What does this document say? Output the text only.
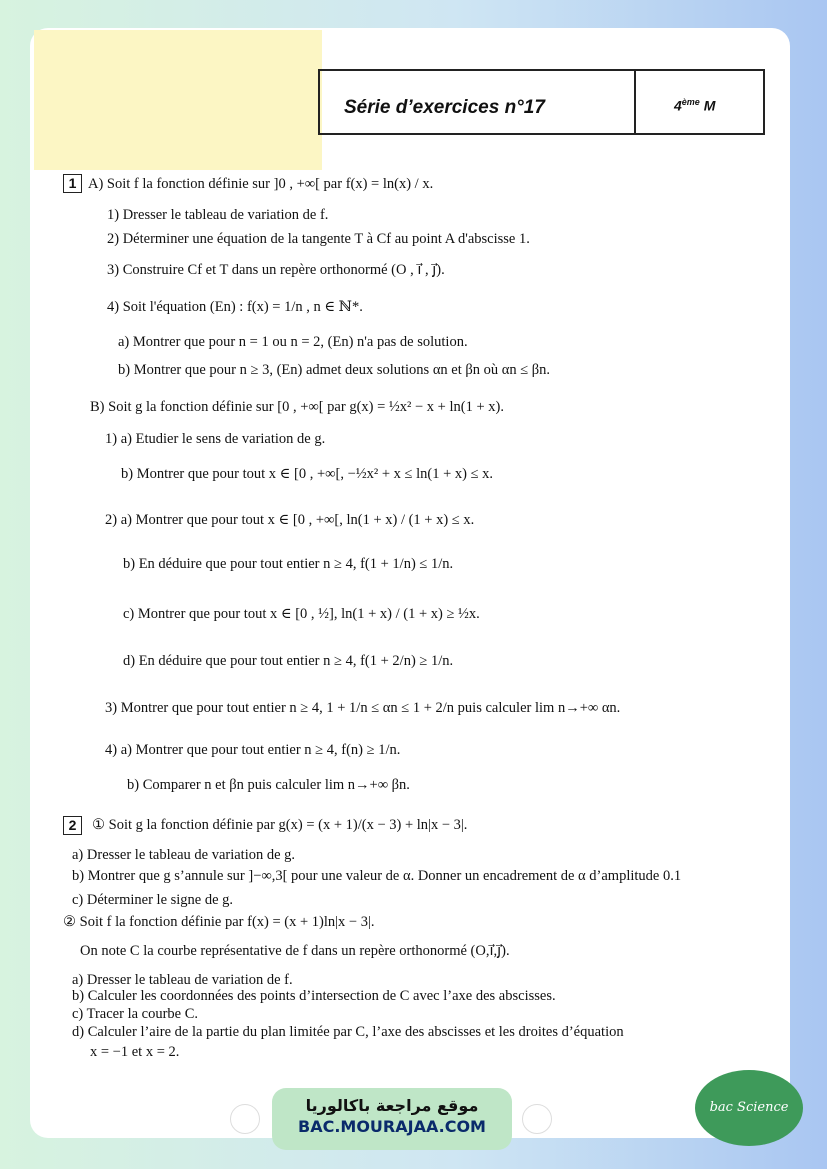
Série d’exercices n°17	4ème M
1 A) Soit f la fonction définie sur ]0 , +∞[ par f(x) = ln(x) / x.
1) Dresser le tableau de variation de f.
2) Déterminer une équation de la tangente T à Cf au point A d'abscisse 1.
3) Construire Cf et T dans un repère orthonormé (O , i⃗ , j⃗).
4) Soit l'équation (En) : f(x) = 1/n , n ∈ ℕ*.
a) Montrer que pour n = 1 ou n = 2, (En) n'a pas de solution.
b) Montrer que pour n ≥ 3, (En) admet deux solutions αn et βn où αn ≤ βn.
B) Soit g la fonction définie sur [0 , +∞[ par g(x) = ½x² − x + ln(1 + x).
1) a) Etudier le sens de variation de g.
b) Montrer que pour tout x ∈ [0 , +∞[, −½x² + x ≤ ln(1 + x) ≤ x.
2) a) Montrer que pour tout x ∈ [0 , +∞[, ln(1 + x) / (1 + x) ≤ x.
b) En déduire que pour tout entier n ≥ 4, f(1 + 1/n) ≤ 1/n.
c) Montrer que pour tout x ∈ [0 , ½], ln(1 + x) / (1 + x) ≥ ½x.
d) En déduire que pour tout entier n ≥ 4, f(1 + 2/n) ≥ 1/n.
3) Montrer que pour tout entier n ≥ 4, 1 + 1/n ≤ αn ≤ 1 + 2/n puis calculer lim n→+∞ αn.
4) a) Montrer que pour tout entier n ≥ 4, f(n) ≥ 1/n.
b) Comparer n et βn puis calculer lim n→+∞ βn.
2	① Soit g la fonction définie par g(x) = (x + 1)/(x − 3) + ln|x − 3|.
a) Dresser le tableau de variation de g.
b) Montrer que g s’annule sur ]−∞,3[ pour une valeur de α. Donner un encadrement de α d’amplitude 0.1
c) Déterminer le signe de g.
② Soit f la fonction définie par f(x) = (x + 1)ln|x − 3|.
On note C la courbe représentative de f dans un repère orthonormé (O,i⃗,j⃗).
a) Dresser le tableau de variation de f.
b) Calculer les coordonnées des points d’intersection de C avec l’axe des abscisses.
c) Tracer la courbe C.
d) Calculer l’aire de la partie du plan limitée par C, l’axe des abscisses et les droites d’équation
x = −1 et x = 2.
موقع مراجعة باكالوريا
BAC.MOURAJAA.COM
bac Science
